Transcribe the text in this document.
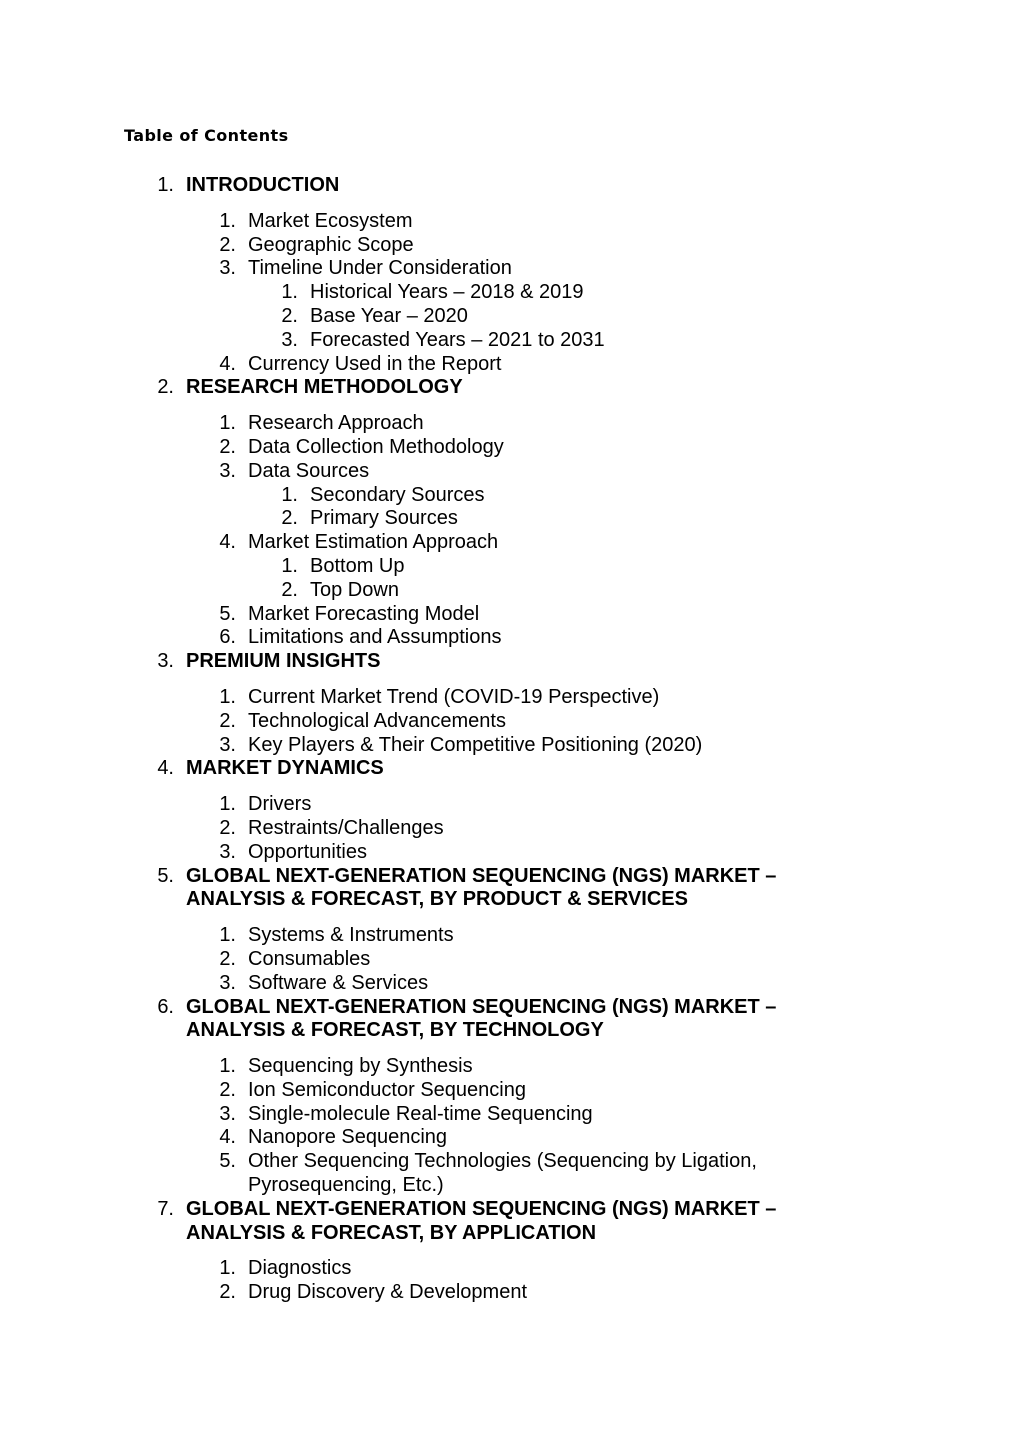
Table of Contents
1. INTRODUCTION
1. Market Ecosystem
2. Geographic Scope
3. Timeline Under Consideration
1. Historical Years – 2018 & 2019
2. Base Year – 2020
3. Forecasted Years – 2021 to 2031
4. Currency Used in the Report
2. RESEARCH METHODOLOGY
1. Research Approach
2. Data Collection Methodology
3. Data Sources
1. Secondary Sources
2. Primary Sources
4. Market Estimation Approach
1. Bottom Up
2. Top Down
5. Market Forecasting Model
6. Limitations and Assumptions
3. PREMIUM INSIGHTS
1. Current Market Trend (COVID-19 Perspective)
2. Technological Advancements
3. Key Players & Their Competitive Positioning (2020)
4. MARKET DYNAMICS
1. Drivers
2. Restraints/Challenges
3. Opportunities
5. GLOBAL NEXT-GENERATION SEQUENCING (NGS) MARKET –
ANALYSIS & FORECAST, BY PRODUCT & SERVICES
1. Systems & Instruments
2. Consumables
3. Software & Services
6. GLOBAL NEXT-GENERATION SEQUENCING (NGS) MARKET –
ANALYSIS & FORECAST, BY TECHNOLOGY
1. Sequencing by Synthesis
2. Ion Semiconductor Sequencing
3. Single-molecule Real-time Sequencing
4. Nanopore Sequencing
5. Other Sequencing Technologies (Sequencing by Ligation,
Pyrosequencing, Etc.)
7. GLOBAL NEXT-GENERATION SEQUENCING (NGS) MARKET –
ANALYSIS & FORECAST, BY APPLICATION
1. Diagnostics
2. Drug Discovery & Development
